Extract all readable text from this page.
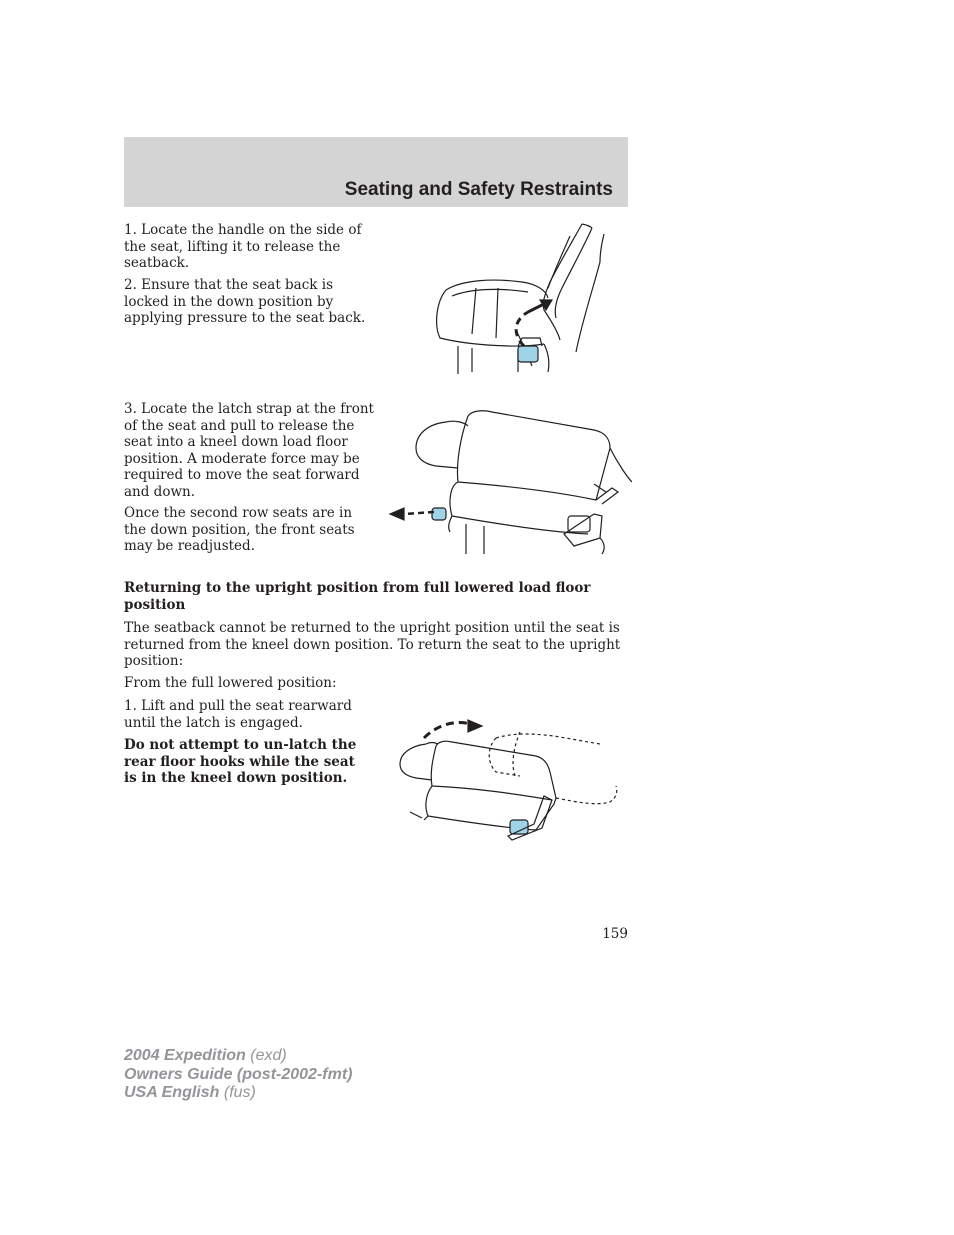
Seating and Safety Restraints

1. Locate the handle on the side of the seat, lifting it to release the seatback.

2. Ensure that the seat back is locked in the down position by applying pressure to the seat back.

3. Locate the latch strap at the front of the seat and pull to release the seat into a kneel down load floor position. A moderate force may be required to move the seat forward and down.

Once the second row seats are in the down position, the front seats may be readjusted.

Returning to the upright position from full lowered load floor position

The seatback cannot be returned to the upright position until the seat is returned from the kneel down position. To return the seat to the upright position:

From the full lowered position:

1. Lift and pull the seat rearward until the latch is engaged.

Do not attempt to un-latch the rear floor hooks while the seat is in the kneel down position.

159
2004 Expedition (exd)
Owners Guide (post-2002-fmt)
USA English (fus)
